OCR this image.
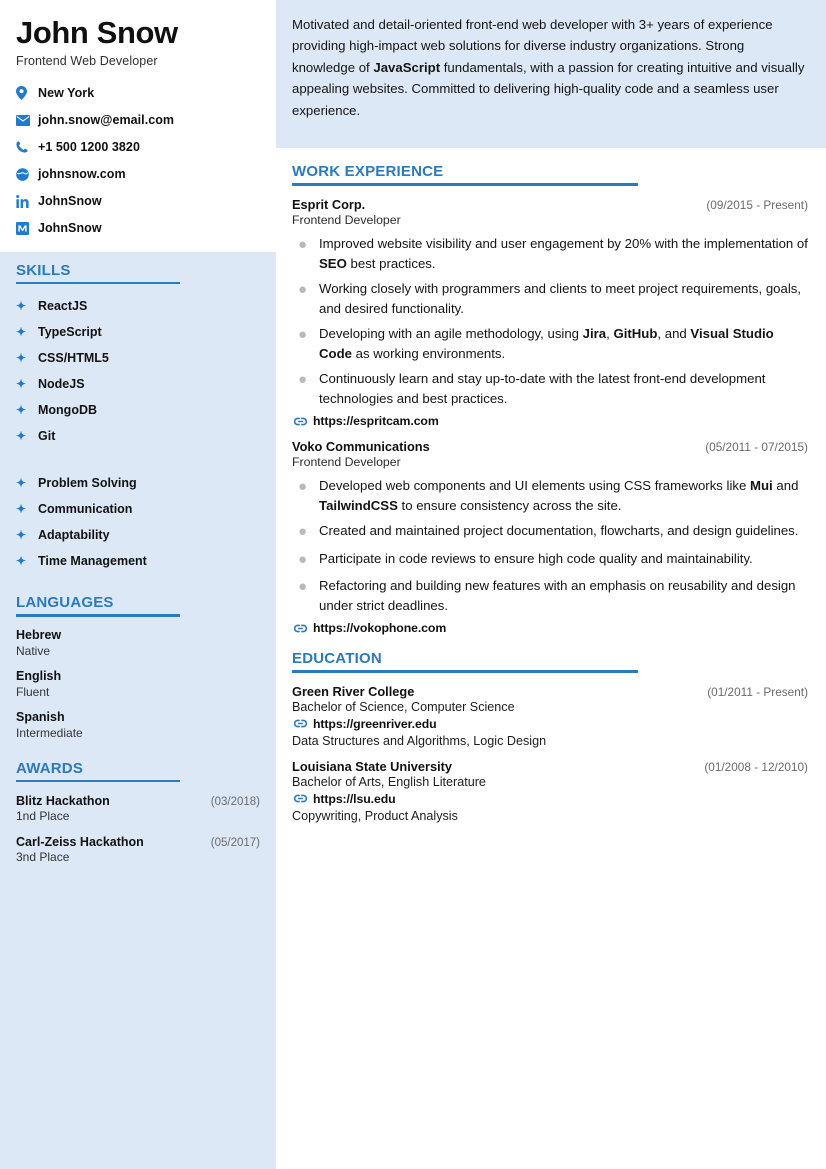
John Snow
Frontend Web Developer
New York
john.snow@email.com
+1 500 1200 3820
johnsnow.com
JohnSnow
JohnSnow
SKILLS
✦ ReactJS
✦ TypeScript
✦ CSS/HTML5
✦ NodeJS
✦ MongoDB
✦ Git
✦ Problem Solving
✦ Communication
✦ Adaptability
✦ Time Management
LANGUAGES
Hebrew
Native
English
Fluent
Spanish
Intermediate
AWARDS
Blitz Hackathon	(03/2018)
1nd Place
Carl-Zeiss Hackathon	(05/2017)
3nd Place
Motivated and detail-oriented front-end web developer with 3+ years of experience providing high-impact web solutions for diverse industry organizations. Strong knowledge of JavaScript fundamentals, with a passion for creating intuitive and visually appealing websites. Committed to delivering high-quality code and a seamless user experience.
WORK EXPERIENCE
Esprit Corp.	(09/2015 - Present)
Frontend Developer
● Improved website visibility and user engagement by 20% with the implementation of SEO best practices.
● Working closely with programmers and clients to meet project requirements, goals, and desired functionality.
● Developing with an agile methodology, using Jira, GitHub, and Visual Studio Code as working environments.
● Continuously learn and stay up-to-date with the latest front-end development technologies and best practices.
https://espritcam.com
Voko Communications	(05/2011 - 07/2015)
Frontend Developer
● Developed web components and UI elements using CSS frameworks like Mui and TailwindCSS to ensure consistency across the site.
● Created and maintained project documentation, flowcharts, and design guidelines.
● Participate in code reviews to ensure high code quality and maintainability.
● Refactoring and building new features with an emphasis on reusability and design under strict deadlines.
https://vokophone.com
EDUCATION
Green River College	(01/2011 - Present)
Bachelor of Science, Computer Science
https://greenriver.edu
Data Structures and Algorithms, Logic Design
Louisiana State University	(01/2008 - 12/2010)
Bachelor of Arts, English Literature
https://lsu.edu
Copywriting, Product Analysis
